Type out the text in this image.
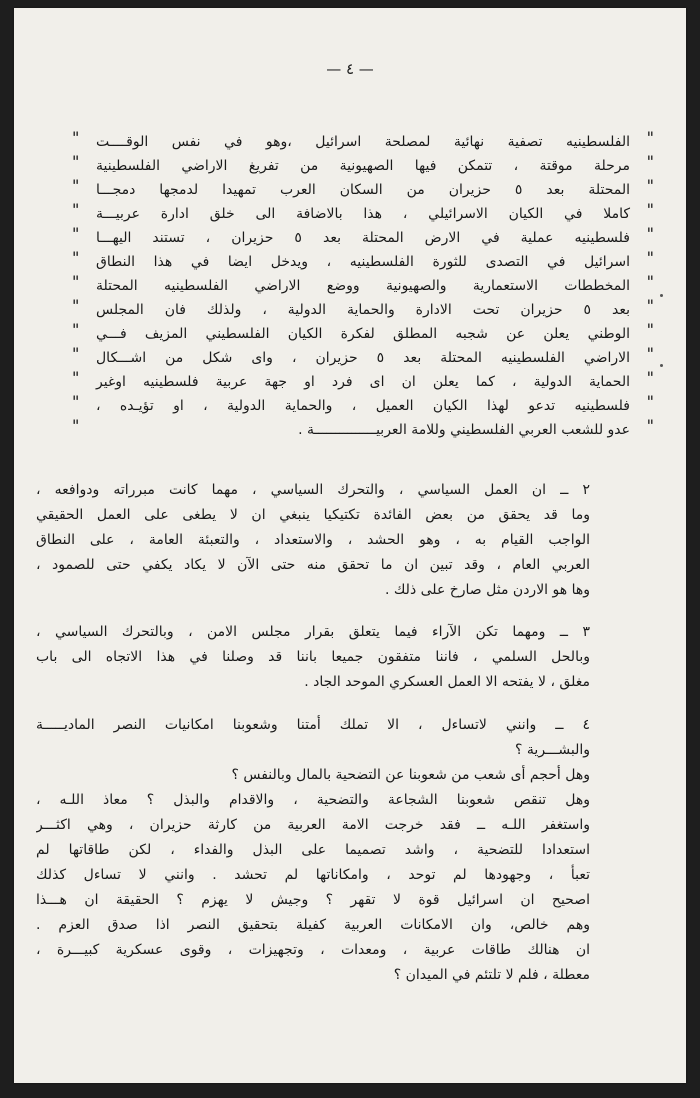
— ٤ —
"
الفلسطينيه تصفية نهائية لمصلحة اسرائيل ،وهو في نفس الوقــــت
"
"
مرحلة موقتة ، تتمكن فيها الصهيونية من تفريغ الاراضي الفلسطينية
"
"
المحتلة بعد ٥ حزيران من السكان العرب تمهيدا لدمجها دمجـــا
"
"
كاملا في الكيان الاسرائيلي ، هذا بالاضافة الى خلق ادارة عربيـــة
"
"
فلسطينيه عملية في الارض المحتلة بعد ٥ حزيران ، تستند اليهـــا
"
"
اسرائيل في التصدى للثورة الفلسطينيه ، ويدخل ايضا في هذا النطاق
"
"
المخططات الاستعمارية والصهيونية ووضع الاراضي الفلسطينيه المحتلة
"
"
بعد ٥ حزيران تحت الادارة والحماية الدولية ، ولذلك فان المجلس
"
"
الوطني يعلن عن شجبه المطلق لفكرة الكيان الفلسطيني المزيف فـــي
"
"
الاراضي الفلسطينيه المحتلة بعد ٥ حزيران ، واى شكل من اشـــكال
"
"
الحماية الدولية ، كما يعلن ان اى فرد او جهة عربية فلسطينيه اوغير
"
"
فلسطينيه تدعو لهذا الكيان العميل ، والحماية الدولية ، او تؤيـده ،
"
"
عدو للشعب العربي الفلسطيني وللامة العربيـــــــــــــــة .
"
٢ ــ ان العمل السياسي ، والتحرك السياسي ، مهما كانت مبرراته ودوافعه ،
وما قد يحقق من بعض الفائدة تكتيكيا ينبغي ان لا يطغى على العمل الحقيقي
الواجب القيام به ، وهو الحشد ، والاستعداد ، والتعبئة العامة ، على النطاق
العربي العام ، وقد تبين ان ما تحقق منه حتى الآن لا يكاد يكفي حتى للصمود ،
وها هو الاردن مثل صارخ على ذلك .
٣ ــ ومهما تكن الآراء فيما يتعلق بقرار مجلس الامن ، وبالتحرك السياسي ،
وبالحل السلمي ، فاننا متفقون جميعا باننا قد وصلنا في هذا الاتجاه الى باب
مغلق ، لا يفتحه الا العمل العسكري الموحد الجاد .
٤ ــ وانني لاتساءل ، الا تملك أمتنا وشعوبنا امكانيات النصر الماديـــــة
والبشـــرية ؟
وهل أحجم أى شعب من شعوبنا عن التضحية بالمال وبالنفس ؟
وهل تنقص شعوبنا الشجاعة والتضحية ، والاقدام والبذل ؟ معاذ اللـه ،
واستغفر اللـه ــ فقد خرجت الامة العربية من كارثة حزيران ، وهي اكثـــر
استعدادا للتضحية ، واشد تصميما على البذل والفداء ، لكن طاقاتها لم
تعبأ ، وجهودها لم توحد ، وامكاناتها لم تحشد . وانني لا تساءل كذلك
اصحيح ان اسرائيل قوة لا تقهر ؟ وجيش لا يهزم ؟ الحقيقة ان هـــذا
وهم خالص، وان الامكانات العربية كفيلة بتحقيق النصر اذا صدق العزم .
ان هنالك طاقات عربية ، ومعدات ، وتجهيزات ، وقوى عسكرية كبيـــرة ،
معطلة ، فلم لا تلتئم في الميدان ؟
